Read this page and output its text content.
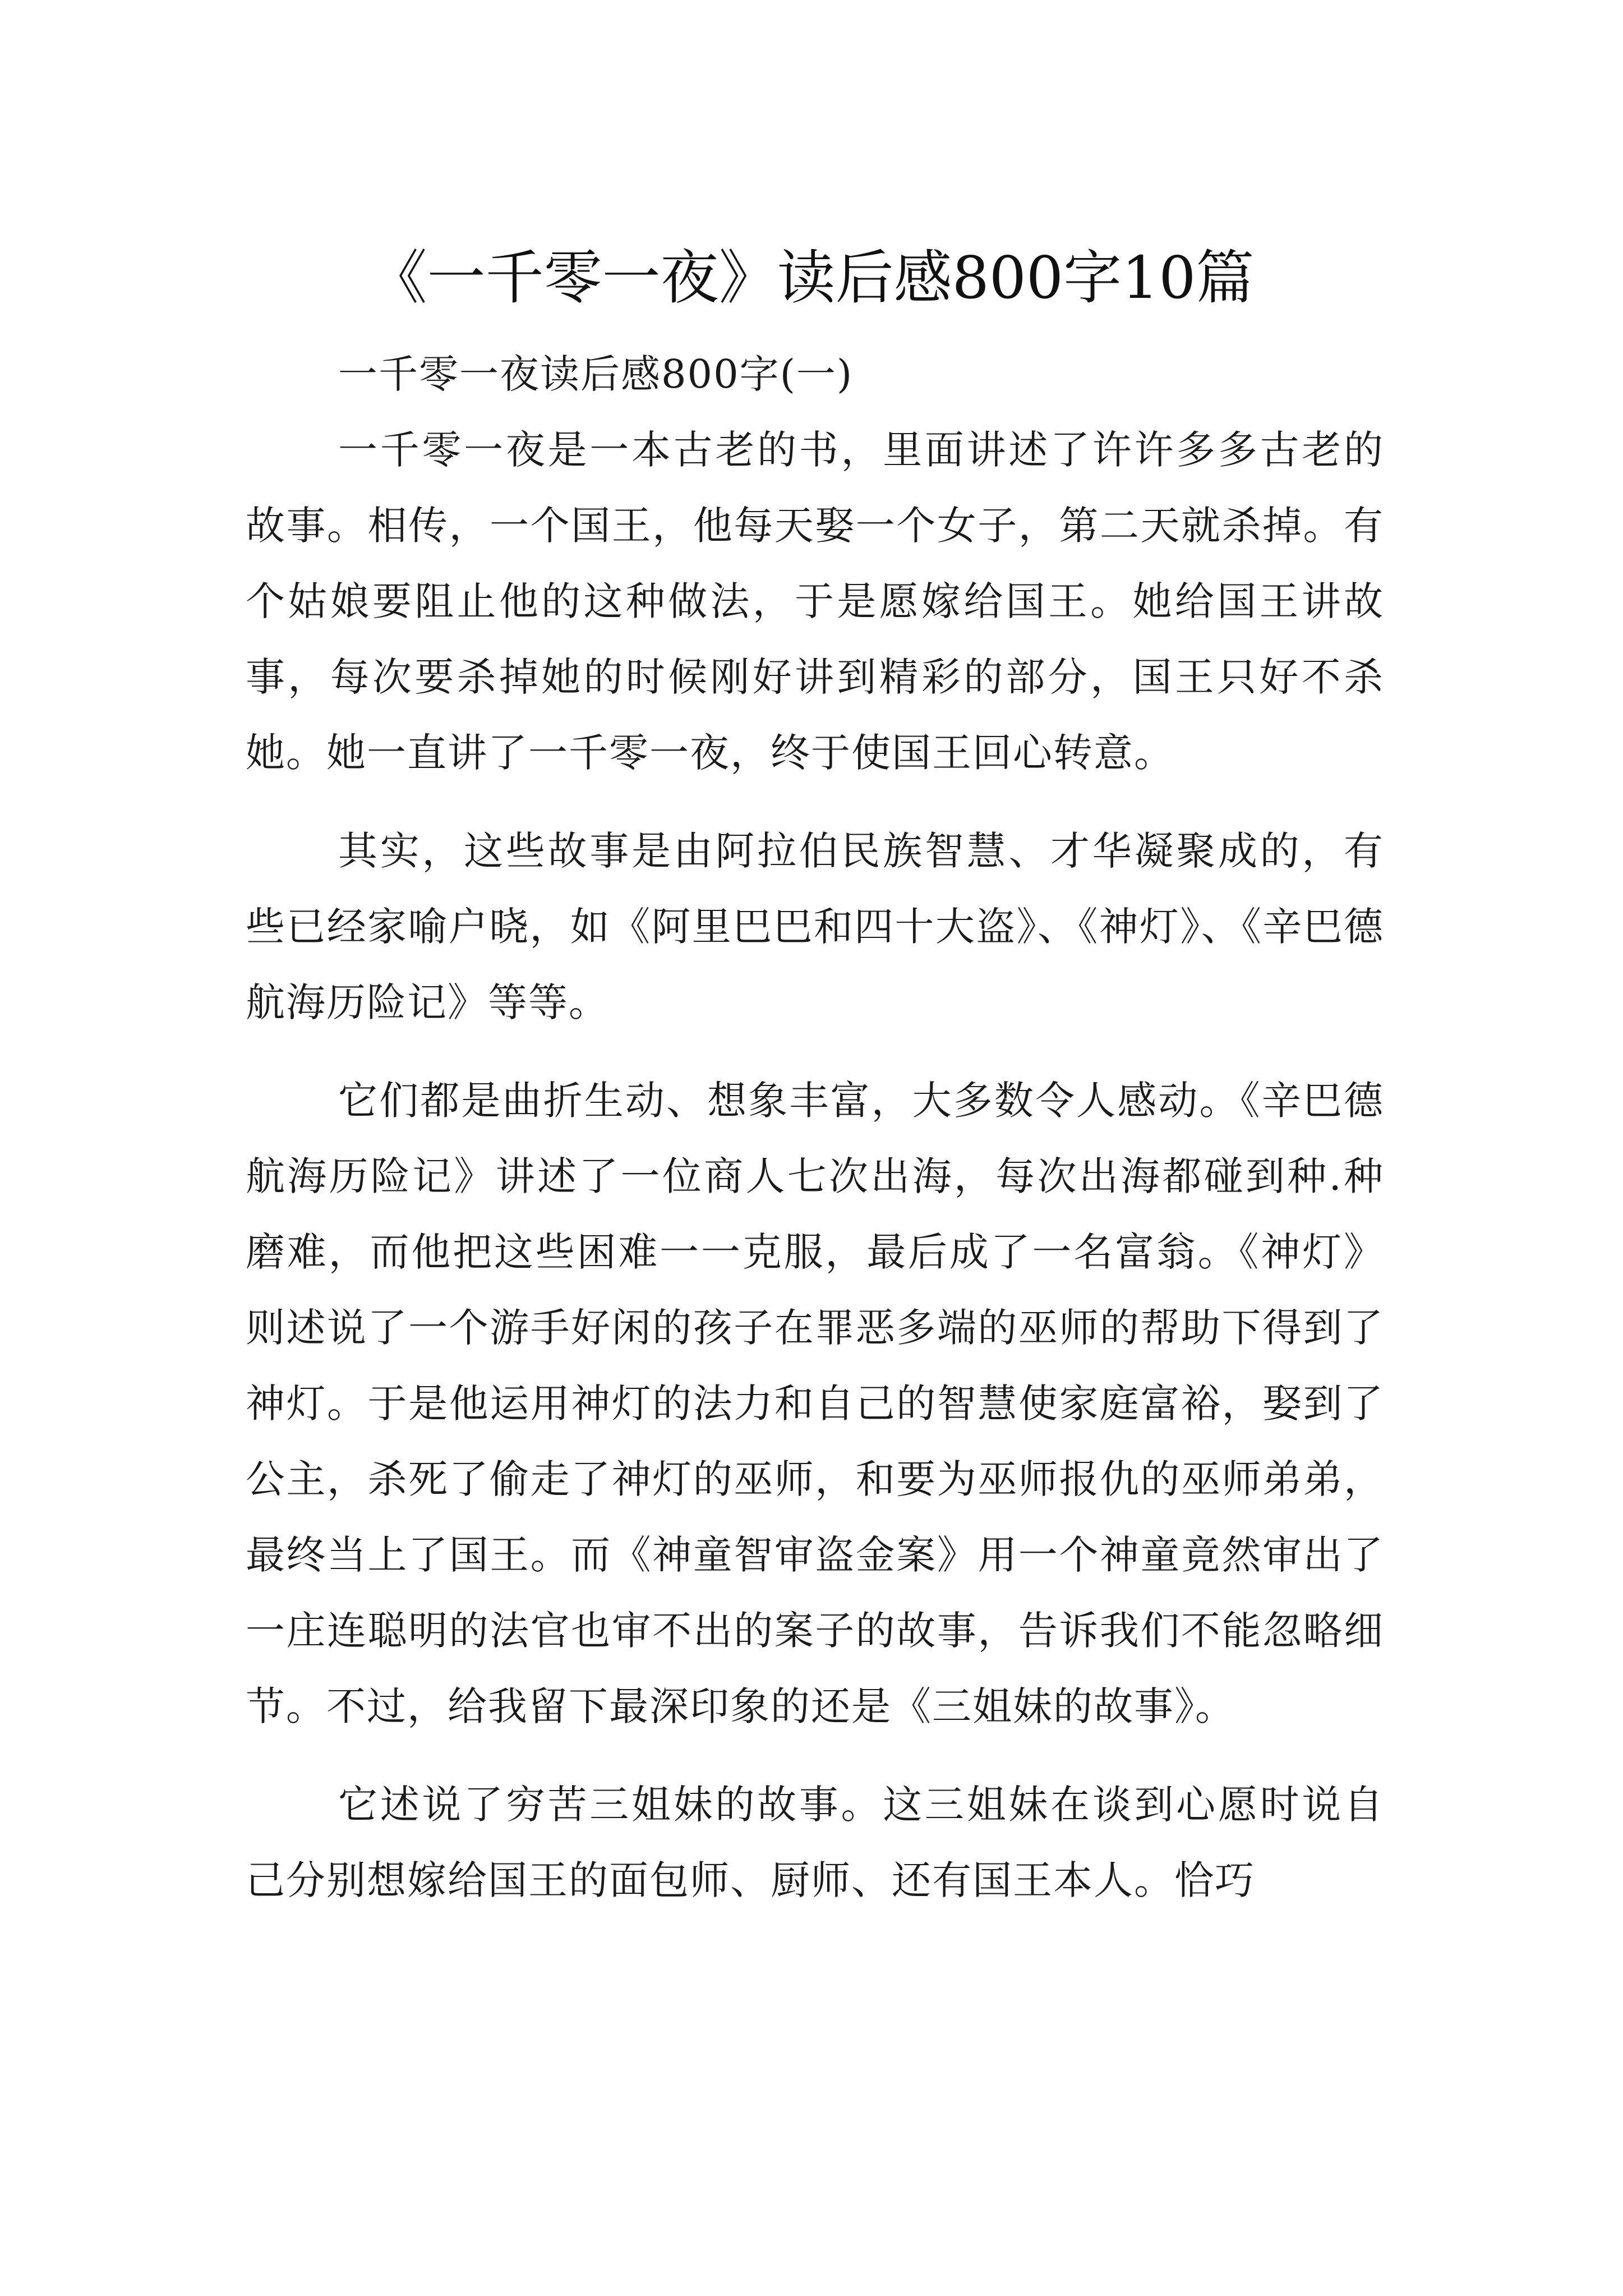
《一千零一夜》读后感800字10篇

一千零一夜读后感800字(一)

一千零一夜是一本古老的书，里面讲述了许许多多古老的故事。相传，一个国王，他每天娶一个女子，第二天就杀掉。有个姑娘要阻止他的这种做法，于是愿嫁给国王。她给国王讲故事，每次要杀掉她的时候刚好讲到精彩的部分，国王只好不杀她。她一直讲了一千零一夜，终于使国王回心转意。

其实，这些故事是由阿拉伯民族智慧、才华凝聚成的，有些已经家喻户晓，如《阿里巴巴和四十大盗》、《神灯》、《辛巴德航海历险记》等等。

它们都是曲折生动、想象丰富，大多数令人感动。《辛巴德航海历险记》讲述了一位商人七次出海，每次出海都碰到种.种磨难，而他把这些困难一一克服，最后成了一名富翁。《神灯》则述说了一个游手好闲的孩子在罪恶多端的巫师的帮助下得到了神灯。于是他运用神灯的法力和自己的智慧使家庭富裕，娶到了公主，杀死了偷走了神灯的巫师，和要为巫师报仇的巫师弟弟，最终当上了国王。而《神童智审盗金案》用一个神童竟然审出了一庄连聪明的法官也审不出的案子的故事，告诉我们不能忽略细节。不过，给我留下最深印象的还是《三姐妹的故事》。

它述说了穷苦三姐妹的故事。这三姐妹在谈到心愿时说自己分别想嫁给国王的面包师、厨师、还有国王本人。恰巧
